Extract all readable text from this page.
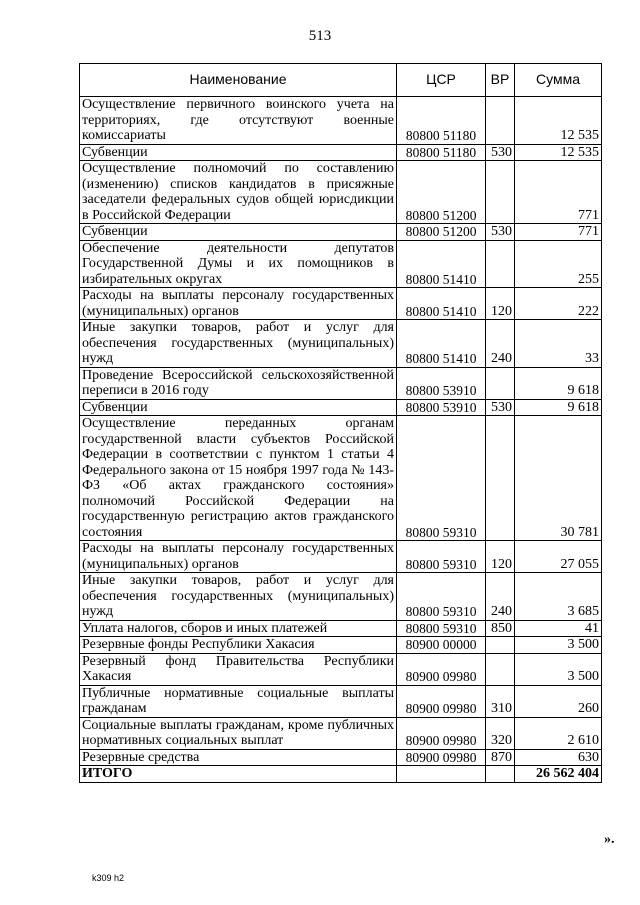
513
Наименование	ЦСР	ВР	Сумма
Осуществление первичного воинского учета на территориях, где отсутствуют военные комиссариаты	80800 51180		12 535
Субвенции	80800 51180	530	12 535
Осуществление полномочий по составлению (изменению) списков кандидатов в присяжные заседатели федеральных судов общей юрисдикции в Российской Федерации	80800 51200		771
Субвенции	80800 51200	530	771
Обеспечение деятельности депутатов Государственной Думы и их помощников в избирательных округах	80800 51410		255
Расходы на выплаты персоналу государственных (муниципальных) органов	80800 51410	120	222
Иные закупки товаров, работ и услуг для обеспечения государственных (муниципальных) нужд	80800 51410	240	33
Проведение Всероссийской сельскохозяйственной переписи в 2016 году	80800 53910		9 618
Субвенции	80800 53910	530	9 618
Осуществление переданных органам государственной власти субъектов Российской Федерации в соответствии с пунктом 1 статьи 4 Федерального закона от 15 ноября 1997 года № 143-ФЗ «Об актах гражданского состояния» полномочий Российской Федерации на государственную регистрацию актов гражданского состояния	80800 59310		30 781
Расходы на выплаты персоналу государственных (муниципальных) органов	80800 59310	120	27 055
Иные закупки товаров, работ и услуг для обеспечения государственных (муниципальных) нужд	80800 59310	240	3 685
Уплата налогов, сборов и иных платежей	80800 59310	850	41
Резервные фонды Республики Хакасия	80900 00000		3 500
Резервный фонд Правительства Республики Хакасия	80900 09980		3 500
Публичные нормативные социальные выплаты гражданам	80900 09980	310	260
Социальные выплаты гражданам, кроме публичных нормативных социальных выплат	80900 09980	320	2 610
Резервные средства	80900 09980	870	630
ИТОГО			26 562 404
».
k309 h2
